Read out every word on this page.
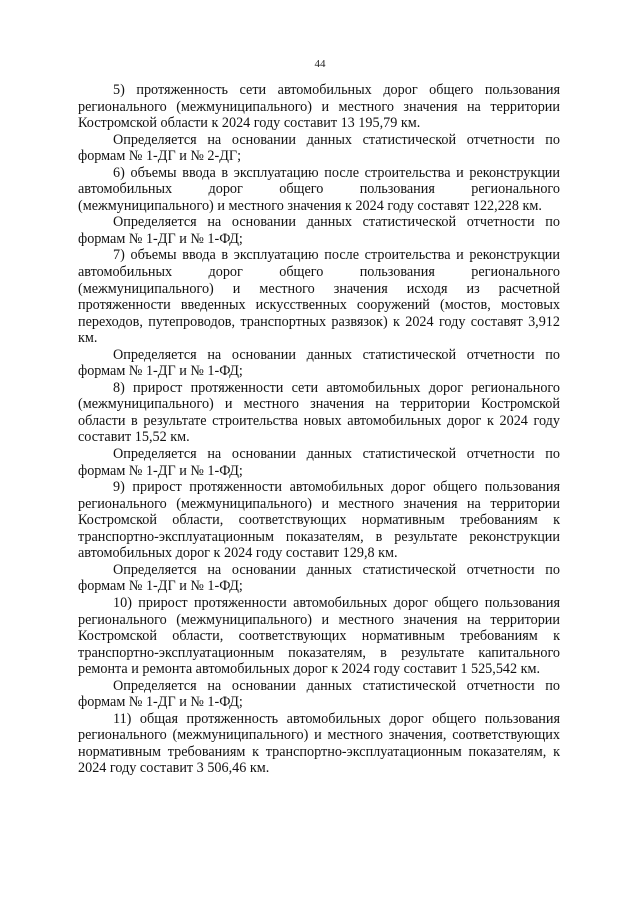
44

5) протяженность сети автомобильных дорог общего пользования регионального (межмуниципального) и местного значения на территории Костромской области к 2024 году составит 13 195,79 км.

Определяется на основании данных статистической отчетности по формам № 1-ДГ и № 2-ДГ;

6) объемы ввода в эксплуатацию после строительства и реконструкции автомобильных дорог общего пользования регионального (межмуниципального) и местного значения к 2024 году составят 122,228 км.

Определяется на основании данных статистической отчетности по формам № 1-ДГ и № 1-ФД;

7) объемы ввода в эксплуатацию после строительства и реконструкции автомобильных дорог общего пользования регионального (межмуниципального) и местного значения исходя из расчетной протяженности введенных искусственных сооружений (мостов, мостовых переходов, путепроводов, транспортных развязок) к 2024 году составят 3,912 км.

Определяется на основании данных статистической отчетности по формам № 1-ДГ и № 1-ФД;

8) прирост протяженности сети автомобильных дорог регионального (межмуниципального) и местного значения на территории Костромской области в результате строительства новых автомобильных дорог к 2024 году составит 15,52 км.

Определяется на основании данных статистической отчетности по формам № 1-ДГ и № 1-ФД;

9) прирост протяженности автомобильных дорог общего пользования регионального (межмуниципального) и местного значения на территории Костромской области, соответствующих нормативным требованиям к транспортно-эксплуатационным показателям, в результате реконструкции автомобильных дорог к 2024 году составит 129,8 км.

Определяется на основании данных статистической отчетности по формам № 1-ДГ и № 1-ФД;

10) прирост протяженности автомобильных дорог общего пользования регионального (межмуниципального) и местного значения на территории Костромской области, соответствующих нормативным требованиям к транспортно-эксплуатационным показателям, в результате капитального ремонта и ремонта автомобильных дорог к 2024 году составит 1 525,542 км.

Определяется на основании данных статистической отчетности по формам № 1-ДГ и № 1-ФД;

11) общая протяженность автомобильных дорог общего пользования регионального (межмуниципального) и местного значения, соответствующих нормативным требованиям к транспортно-эксплуатационным показателям, к 2024 году составит 3 506,46 км.
